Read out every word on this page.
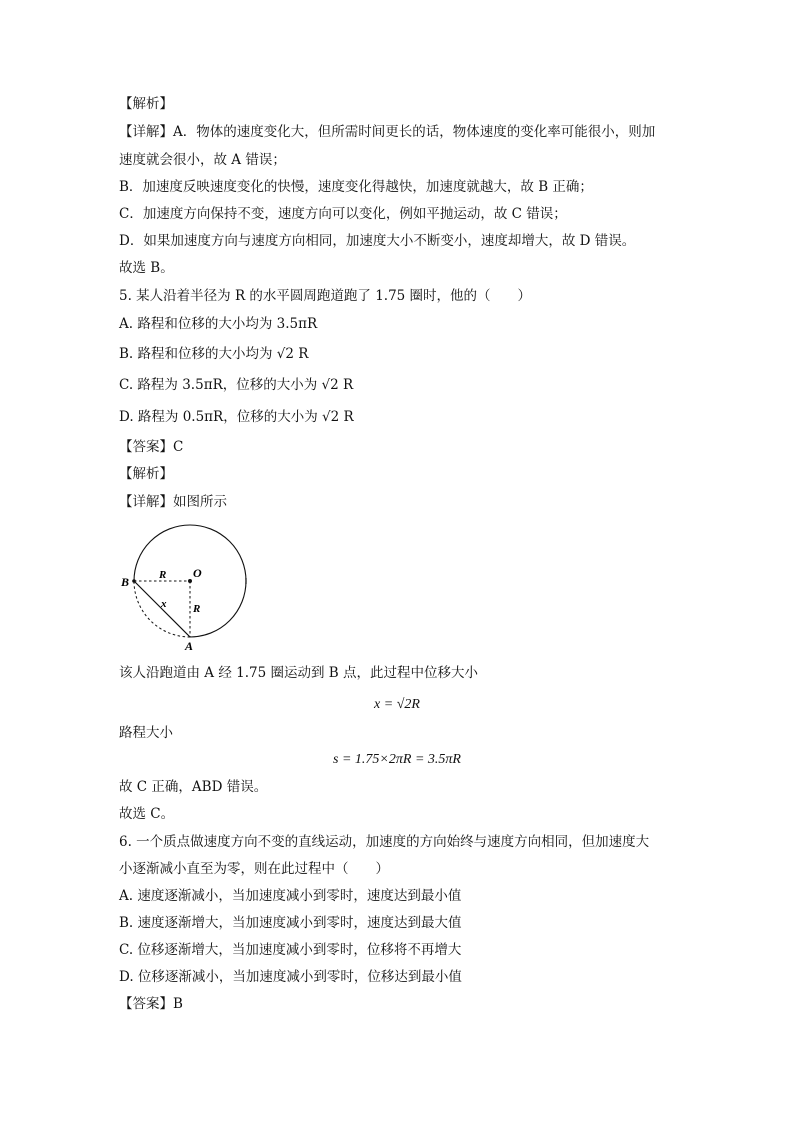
【解析】
【详解】A．物体的速度变化大，但所需时间更长的话，物体速度的变化率可能很小，则加
速度就会很小，故 A 错误；
B．加速度反映速度变化的快慢，速度变化得越快，加速度就越大，故 B 正确；
C．加速度方向保持不变，速度方向可以变化，例如平抛运动，故 C 错误；
D．如果加速度方向与速度方向相同，加速度大小不断变小，速度却增大，故 D 错误。
故选 B。
5. 某人沿着半径为 R 的水平圆周跑道跑了 1.75 圈时，他的（　　）
A. 路程和位移的大小均为 3.5πR
B. 路程和位移的大小均为 √2 R
C. 路程为 3.5πR，位移的大小为 √2 R
D. 路程为 0.5πR，位移的大小为 √2 R
【答案】C
【解析】
【详解】如图所示
B
O
A
R
R
x
该人沿跑道由 A 经 1.75 圈运动到 B 点，此过程中位移大小
x = √2R
路程大小
s = 1.75×2πR = 3.5πR
故 C 正确，ABD 错误。
故选 C。
6. 一个质点做速度方向不变的直线运动，加速度的方向始终与速度方向相同，但加速度大
小逐渐减小直至为零，则在此过程中（　　）
A. 速度逐渐减小，当加速度减小到零时，速度达到最小值
B. 速度逐渐增大，当加速度减小到零时，速度达到最大值
C. 位移逐渐增大，当加速度减小到零时，位移将不再增大
D. 位移逐渐减小，当加速度减小到零时，位移达到最小值
【答案】B
